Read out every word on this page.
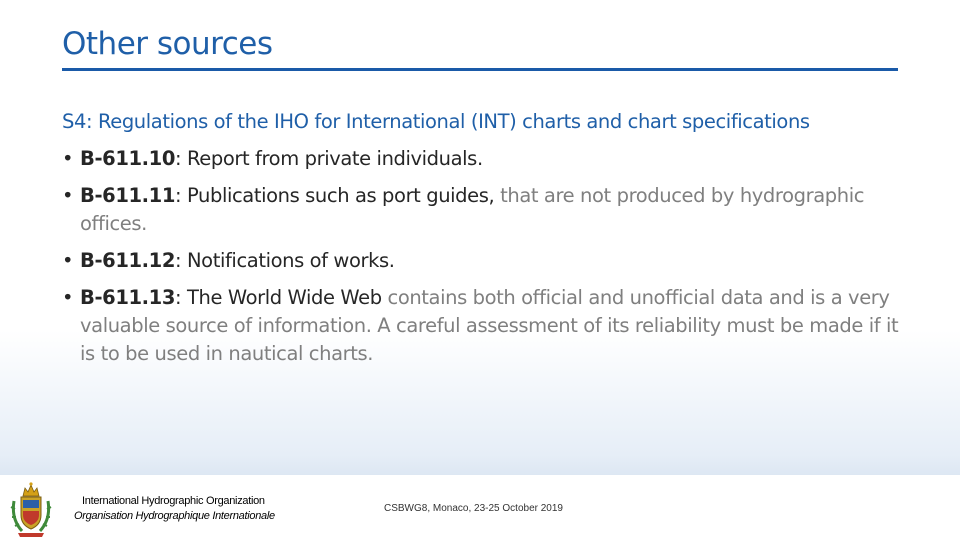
Other sources
S4: Regulations of the IHO for International (INT) charts and chart specifications
• B-611.10: Report from private individuals.
• B-611.11: Publications such as port guides, that are not produced by hydrographic offices.
• B-611.12: Notifications of works.
• B-611.13: The World Wide Web contains both official and unofficial data and is a very valuable source of information. A careful assessment of its reliability must be made if it is to be used in nautical charts.
International Hydrographic Organization
Organisation Hydrographique Internationale
CSBWG8, Monaco, 23-25 October 2019
